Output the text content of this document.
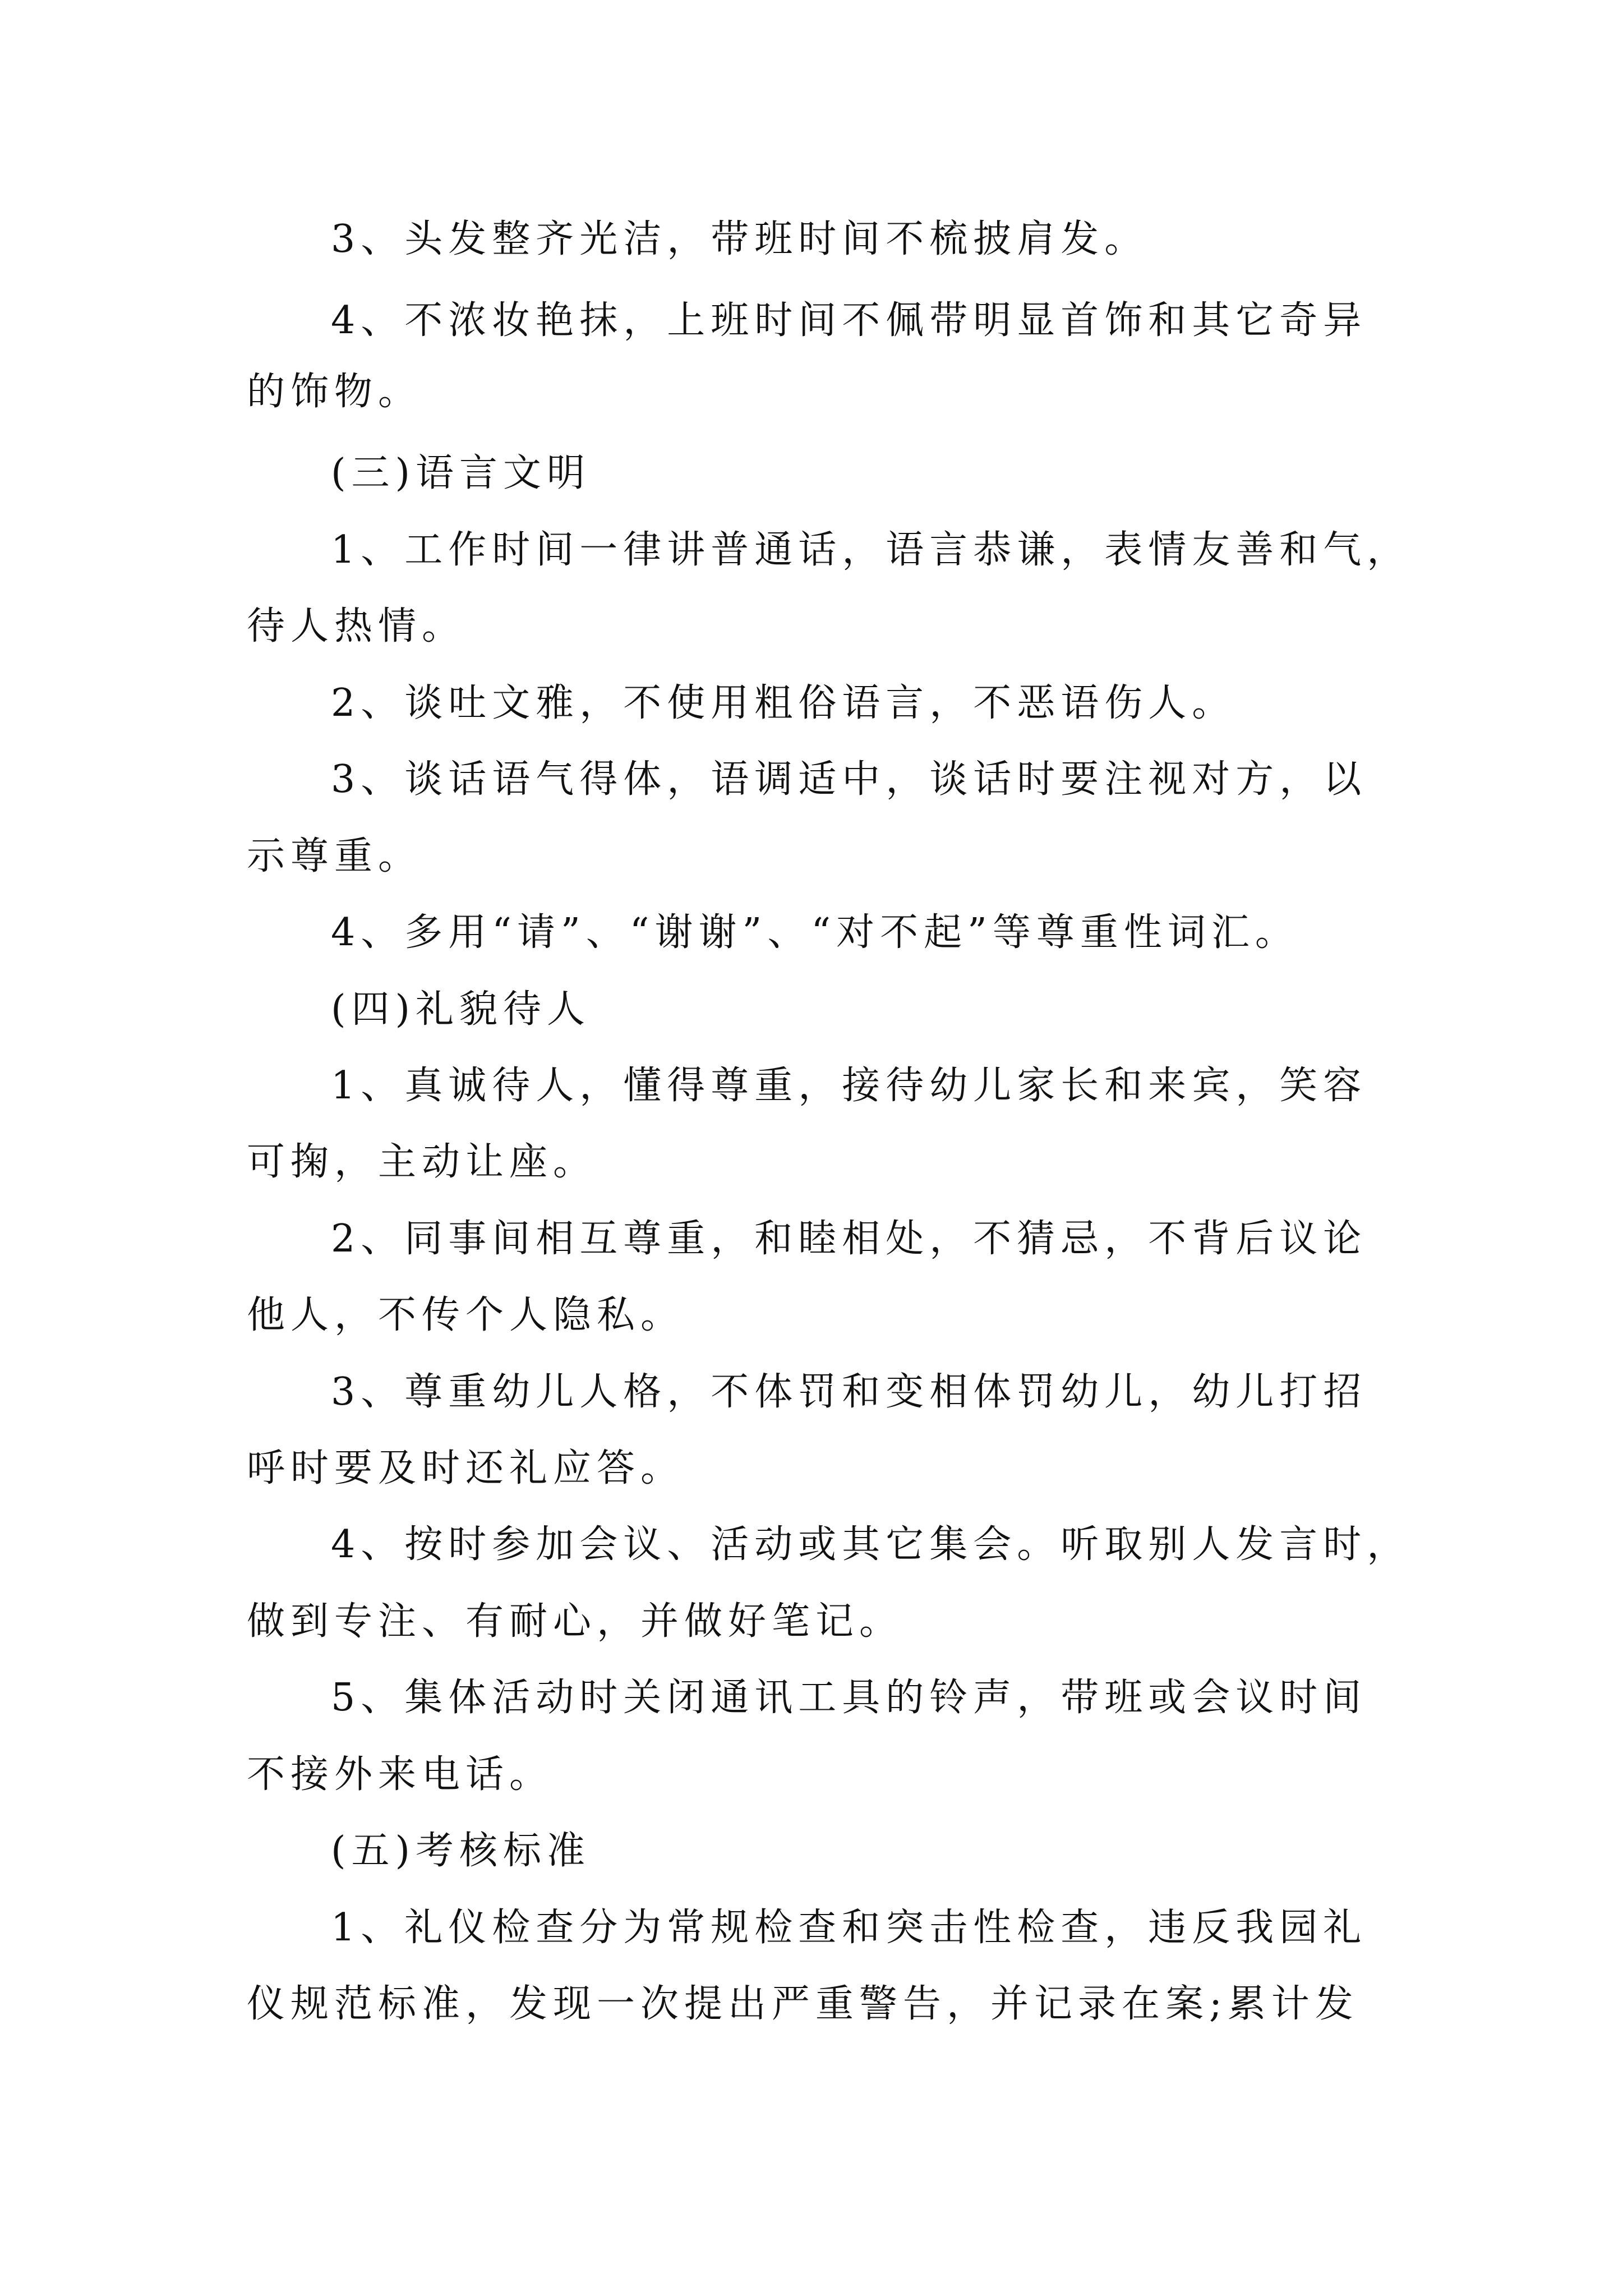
3、头发整齐光洁，带班时间不梳披肩发。
4、不浓妆艳抹，上班时间不佩带明显首饰和其它奇异
的饰物。
(三)语言文明
1、工作时间一律讲普通话，语言恭谦，表情友善和气，
待人热情。
2、谈吐文雅，不使用粗俗语言，不恶语伤人。
3、谈话语气得体，语调适中，谈话时要注视对方，以
示尊重。
4、多用“请”、“谢谢”、“对不起”等尊重性词汇。
(四)礼貌待人
1、真诚待人，懂得尊重，接待幼儿家长和来宾，笑容
可掬，主动让座。
2、同事间相互尊重，和睦相处，不猜忌，不背后议论
他人，不传个人隐私。
3、尊重幼儿人格，不体罚和变相体罚幼儿，幼儿打招
呼时要及时还礼应答。
4、按时参加会议、活动或其它集会。听取别人发言时，
做到专注、有耐心，并做好笔记。
5、集体活动时关闭通讯工具的铃声，带班或会议时间
不接外来电话。
(五)考核标准
1、礼仪检查分为常规检查和突击性检查，违反我园礼
仪规范标准，发现一次提出严重警告，并记录在案;累计发
